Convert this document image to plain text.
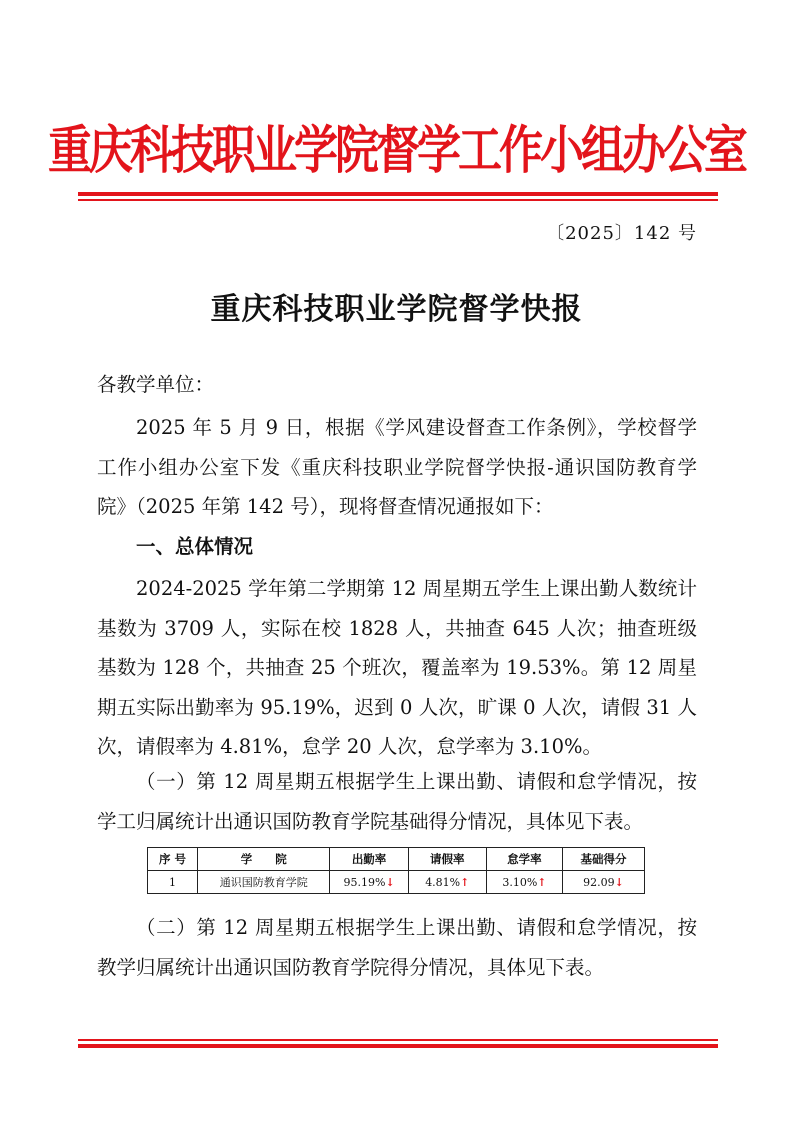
重庆科技职业学院督学工作小组办公室
〔2025〕142 号
重庆科技职业学院督学快报
各教学单位：
2025 年 5 月 9 日，根据《学风建设督查工作条例》，学校督学工作小组办公室下发《重庆科技职业学院督学快报-通识国防教育学院》（2025 年第 142 号），现将督查情况通报如下：
一、总体情况
2024-2025 学年第二学期第 12 周星期五学生上课出勤人数统计基数为 3709 人，实际在校 1828 人，共抽查 645 人次；抽查班级基数为 128 个，共抽查 25 个班次，覆盖率为 19.53%。第 12 周星期五实际出勤率为 95.19%，迟到 0 人次，旷课 0 人次，请假 31 人次，请假率为 4.81%，怠学 20 人次，怠学率为 3.10%。
（一）第 12 周星期五根据学生上课出勤、请假和怠学情况，按学工归属统计出通识国防教育学院基础得分情况，具体见下表。
序 号	学　　院	出勤率	请假率	怠学率	基础得分
1	通识国防教育学院	95.19%↓	4.81%↑	3.10%↑	92.09↓
（二）第 12 周星期五根据学生上课出勤、请假和怠学情况，按教学归属统计出通识国防教育学院得分情况，具体见下表。
